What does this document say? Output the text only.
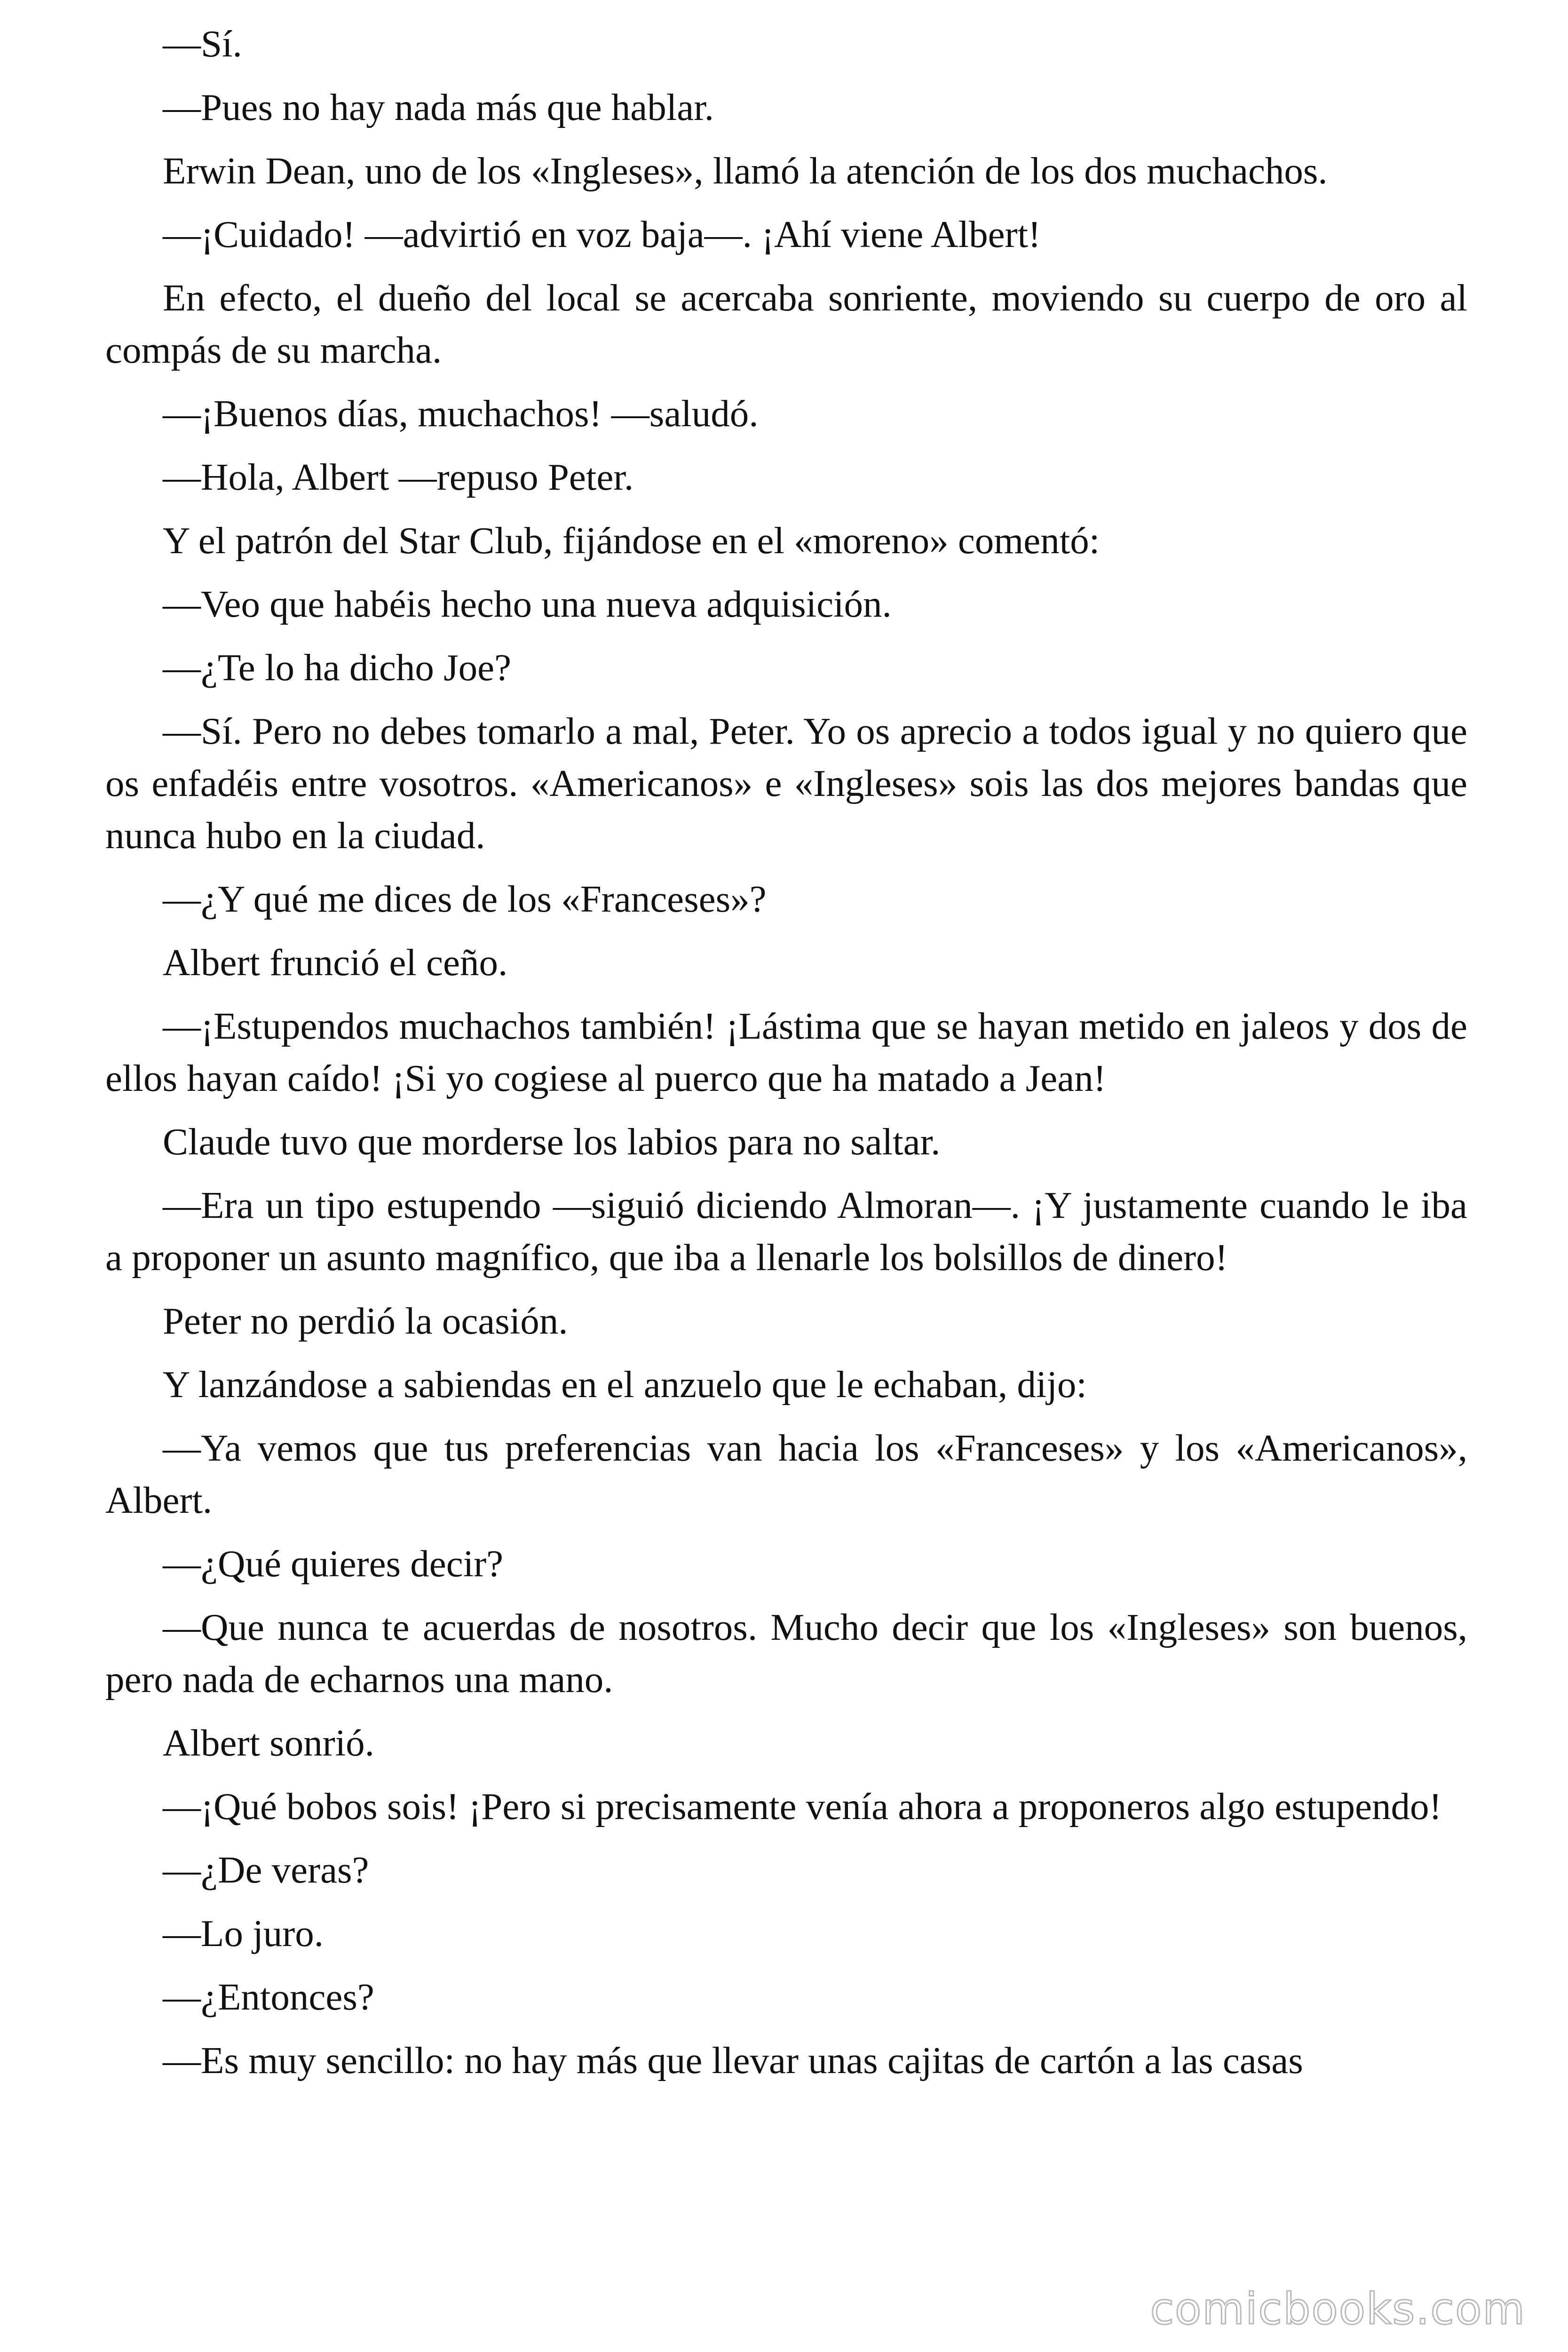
—Sí.

—Pues no hay nada más que hablar.

Erwin Dean, uno de los «Ingleses», llamó la atención de los dos muchachos.

—¡Cuidado! —advirtió en voz baja—. ¡Ahí viene Albert!

En efecto, el dueño del local se acercaba sonriente, moviendo su cuerpo de oro al compás de su marcha.

—¡Buenos días, muchachos! —saludó.

—Hola, Albert —repuso Peter.

Y el patrón del Star Club, fijándose en el «moreno» comentó:

—Veo que habéis hecho una nueva adquisición.

—¿Te lo ha dicho Joe?

—Sí. Pero no debes tomarlo a mal, Peter. Yo os aprecio a todos igual y no quiero que os enfadéis entre vosotros. «Americanos» e «Ingleses» sois las dos mejores bandas que nunca hubo en la ciudad.

—¿Y qué me dices de los «Franceses»?

Albert frunció el ceño.

—¡Estupendos muchachos también! ¡Lástima que se hayan metido en jaleos y dos de ellos hayan caído! ¡Si yo cogiese al puerco que ha matado a Jean!

Claude tuvo que morderse los labios para no saltar.

—Era un tipo estupendo —siguió diciendo Almoran—. ¡Y justamente cuando le iba a proponer un asunto magnífico, que iba a llenarle los bolsillos de dinero!

Peter no perdió la ocasión.

Y lanzándose a sabiendas en el anzuelo que le echaban, dijo:

—Ya vemos que tus preferencias van hacia los «Franceses» y los «Americanos», Albert.

—¿Qué quieres decir?

—Que nunca te acuerdas de nosotros. Mucho decir que los «Ingleses» son buenos, pero nada de echarnos una mano.

Albert sonrió.

—¡Qué bobos sois! ¡Pero si precisamente venía ahora a proponeros algo estupendo!

—¿De veras?

—Lo juro.

—¿Entonces?

—Es muy sencillo: no hay más que llevar unas cajitas de cartón a las casas

comicbooks.com
